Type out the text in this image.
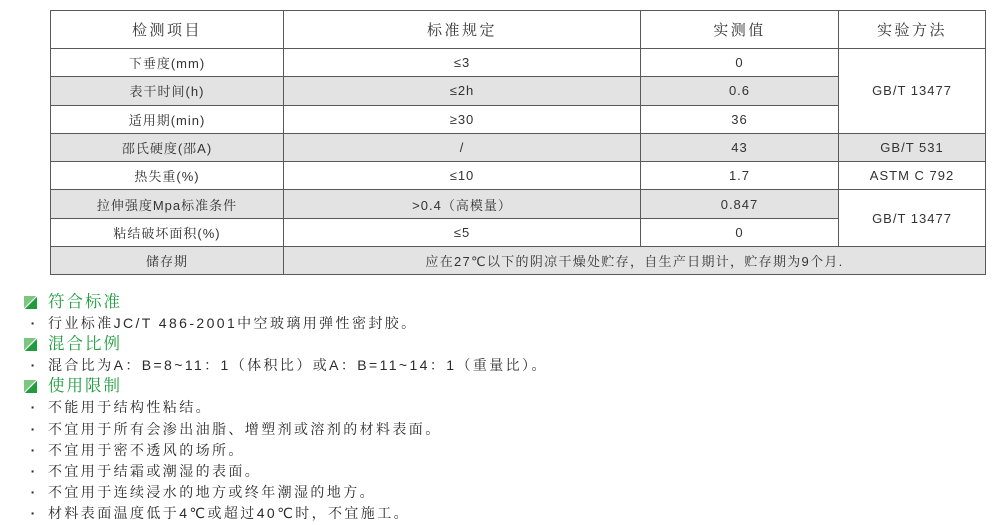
检测项目	标准规定	实测值	实验方法
下垂度(mm)	≤3	0	GB/T 13477
表干时间(h)	≤2h	0.6	
适用期(min)	≥30	36	
邵氏硬度(邵A)	/	43	GB/T 531
热失重(%)	≤10	1.7	ASTM C 792
拉伸强度Mpa标准条件	>0.4（高模量）	0.847	GB/T 13477
粘结破坏面积(%)	≤5	0	
储存期	应在27℃以下的阴凉干燥处贮存，自生产日期计，贮存期为9个月.		
符合标准
· 行业标准JC/T 486-2001中空玻璃用弹性密封胶。
混合比例
· 混合比为A：B=8~11：1（体积比）或A：B=11~14：1（重量比）。
使用限制
· 不能用于结构性粘结。
· 不宜用于所有会渗出油脂、增塑剂或溶剂的材料表面。
· 不宜用于密不透风的场所。
· 不宜用于结霜或潮湿的表面。
· 不宜用于连续浸水的地方或终年潮湿的地方。
· 材料表面温度低于4℃或超过40℃时，不宜施工。
